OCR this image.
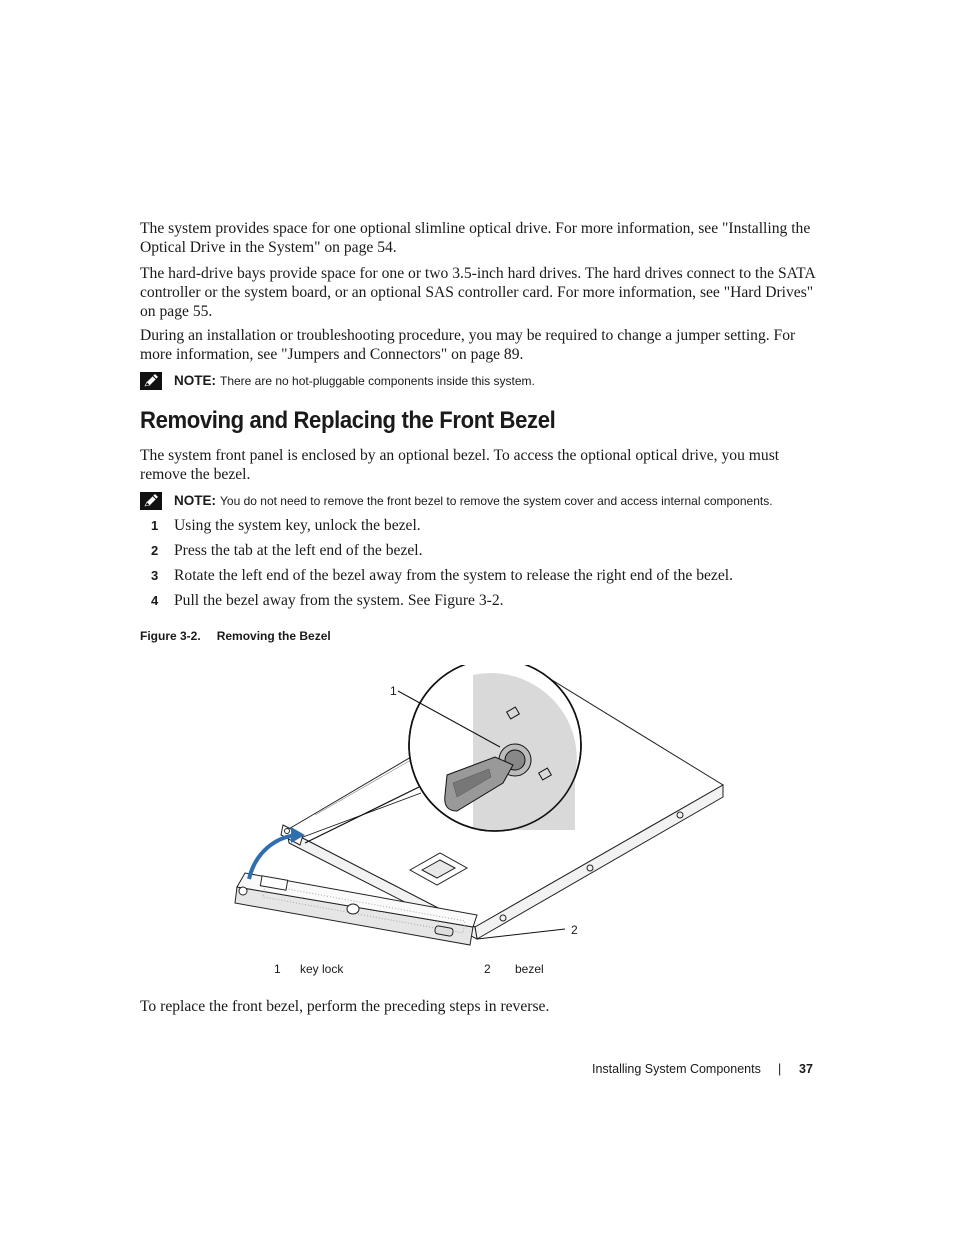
The system provides space for one optional slimline optical drive. For more information, see "Installing the Optical Drive in the System" on page 54.

The hard-drive bays provide space for one or two 3.5-inch hard drives. The hard drives connect to the SATA controller or the system board, or an optional SAS controller card. For more information, see "Hard Drives" on page 55.

During an installation or troubleshooting procedure, you may be required to change a jumper setting. For more information, see "Jumpers and Connectors" on page 89.

NOTE: There are no hot-pluggable components inside this system.
Removing and Replacing the Front Bezel

The system front panel is enclosed by an optional bezel. To access the optional optical drive, you must remove the bezel.

NOTE: You do not need to remove the front bezel to remove the system cover and access internal components.
1	Using the system key, unlock the bezel.
2	Press the tab at the left end of the bezel.
3	Rotate the left end of the bezel away from the system to release the right end of the bezel.
4	Pull the bezel away from the system. See Figure 3-2.
Figure 3-2. Removing the Bezel
1
2
1 key lock	2 bezel

To replace the front bezel, perform the preceding steps in reverse.

Installing System Components | 37
